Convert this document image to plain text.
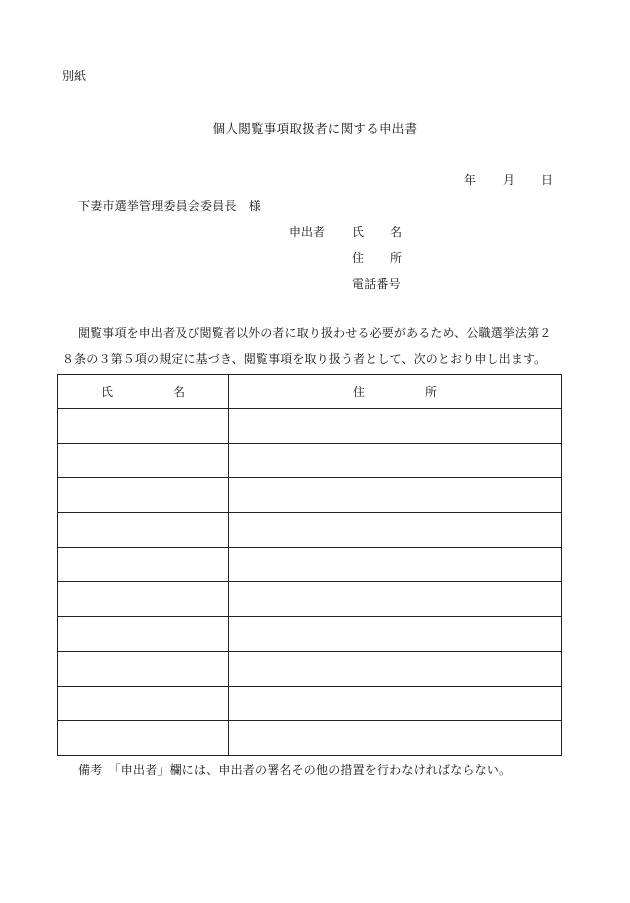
別紙
個人閲覧事項取扱者に関する申出書
年 月 日
下妻市選挙管理委員会委員長　様
申出者 氏 名
住 所
電話番号
閲覧事項を申出者及び閲覧者以外の者に取り扱わせる必要があるため、公職選挙法第２
８条の３第５項の規定に基づき、閲覧事項を取り扱う者として、次のとおり申し出ます。
氏 名	住 所

備考　「申出者」欄には、申出者の署名その他の措置を行わなければならない。
